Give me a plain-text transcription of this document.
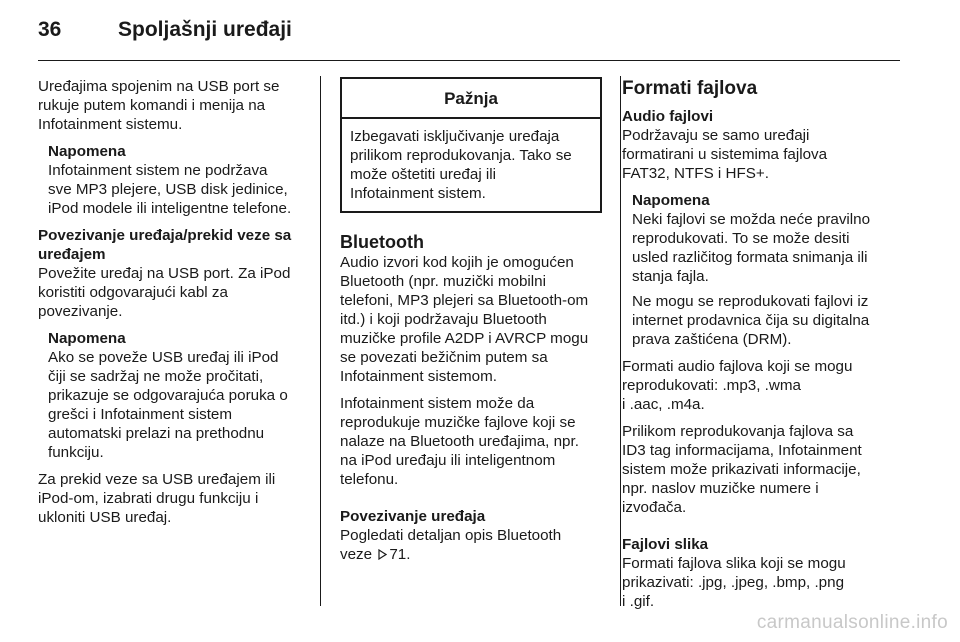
36	Spoljašnji uređaji

Uređajima spojenim na USB port se
rukuje putem komandi i menija na
Infotainment sistemu.

Napomena
Infotainment sistem ne podržava
sve MP3 plejere, USB disk jedinice,
iPod modele ili inteligentne telefone.
Povezivanje uređaja/prekid veze sa
uređajem

Povežite uređaj na USB port. Za iPod
koristiti odgovarajući kabl za
povezivanje.

Napomena
Ako se poveže USB uređaj ili iPod
čiji se sadržaj ne može pročitati,
prikazuje se odgovarajuća poruka o
grešci i Infotainment sistem
automatski prelazi na prethodnu
funkciju.

Za prekid veze sa USB uređajem ili
iPod-om, izabrati drugu funkciju i
ukloniti USB uređaj.

Pažnja
Izbegavati isključivanje uređaja
prilikom reprodukovanja. Tako se
može oštetiti uređaj ili
Infotainment sistem.
Bluetooth

Audio izvori kod kojih je omogućen
Bluetooth (npr. muzički mobilni
telefoni, MP3 plejeri sa Bluetooth-om
itd.) i koji podržavaju Bluetooth
muzičke profile A2DP i AVRCP mogu
se povezati bežičnim putem sa
Infotainment sistemom.

Infotainment sistem može da
reprodukuje muzičke fajlove koji se
nalaze na Bluetooth uređajima, npr.
na iPod uređaju ili inteligentnom
telefonu.

Povezivanje uređaja

Pogledati detaljan opis Bluetooth
veze 71.

Formati fajlova
Audio fajlovi

Podržavaju se samo uređaji
formatirani u sistemima fajlova
FAT32, NTFS i HFS+.

Napomena
Neki fajlovi se možda neće pravilno
reprodukovati. To se može desiti
usled različitog formata snimanja ili
stanja fajla.
Ne mogu se reprodukovati fajlovi iz
internet prodavnica čija su digitalna
prava zaštićena (DRM).

Formati audio fajlova koji se mogu
reprodukovati: .mp3, .wma
i .aac, .m4a.

Prilikom reprodukovanja fajlova sa
ID3 tag informacijama, Infotainment
sistem može prikazivati informacije,
npr. naslov muzičke numere i
izvođača.

Fajlovi slika

Formati fajlova slika koji se mogu
prikazivati: .jpg, .jpeg, .bmp, .png
i .gif.

carmanualsonline.info
